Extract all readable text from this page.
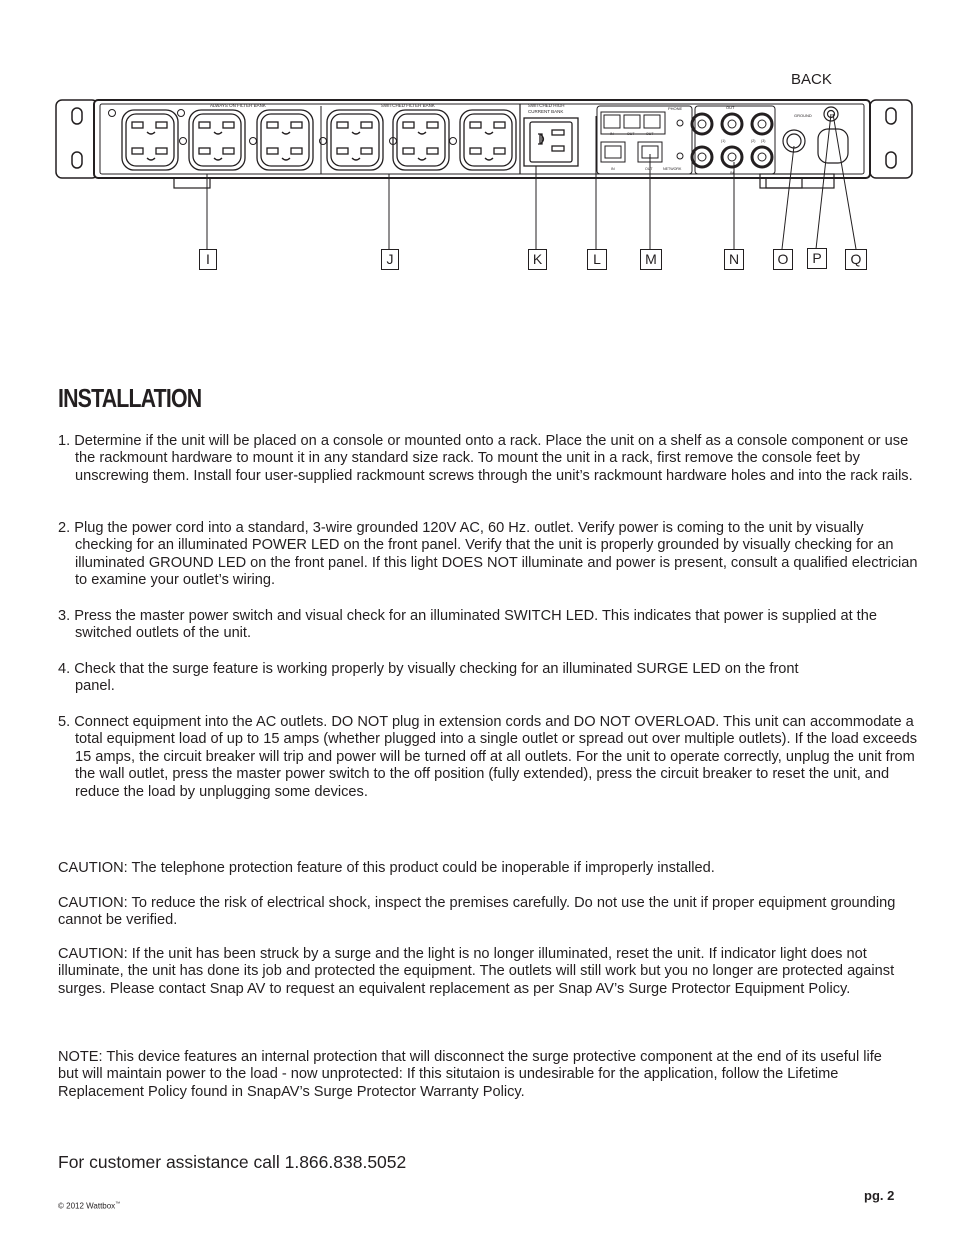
BACK
ALWAYS ON FILTER BANK	SWITCHED FILTER BANK	SWITCHED HIGH
CURRENT BANK
PHONE
IN	OUT	OUT
IN	OUT	NETWORK
OUT
(1)	(2) (3)
IN
GROUND
I	J	K	L	M	N	O	P	Q
INSTALLATION
1. Determine if the unit will be placed on a console or mounted onto a rack. Place the unit on a shelf as a console component or use the rackmount hardware to mount it in any standard size rack. To mount the unit in a rack, first remove the console feet by unscrewing them. Install four user-supplied rackmount screws through the unit’s rackmount hardware holes and into the rack rails.
2. Plug the power cord into a standard, 3-wire grounded 120V AC, 60 Hz. outlet. Verify power is coming to the unit by visually checking for an illuminated POWER LED on the front panel. Verify that the unit is properly grounded by visually checking for an illuminated GROUND LED on the front panel. If this light DOES NOT illuminate and power is present, consult a qualified electrician to examine your outlet’s wiring.
3. Press the master power switch and visual check for an illuminated SWITCH LED. This indicates that power is supplied at the switched outlets of the unit.
4. Check that the surge feature is working properly by visually checking for an illuminated SURGE LED on the front panel.
5. Connect equipment into the AC outlets. DO NOT plug in extension cords and DO NOT OVERLOAD. This unit can accommodate a total equipment load of up to 15 amps (whether plugged into a single outlet or spread out over multiple outlets). If the load exceeds 15 amps, the circuit breaker will trip and power will be turned off at all outlets. For the unit to operate correctly, unplug the unit from the wall outlet, press the master power switch to the off position (fully extended), press the circuit breaker to reset the unit, and reduce the load by unplugging some devices.
CAUTION: The telephone protection feature of this product could be inoperable if improperly installed.
CAUTION: To reduce the risk of electrical shock, inspect the premises carefully. Do not use the unit if proper equipment grounding cannot be verified.
CAUTION: If the unit has been struck by a surge and the light is no longer illuminated, reset the unit. If indicator light does not illuminate, the unit has done its job and protected the equipment. The outlets will still work but you no longer are protected against surges. Please contact Snap AV to request an equivalent replacement as per Snap AV’s Surge Protector Equipment Policy.
NOTE: This device features an internal protection that will disconnect the surge protective component at the end of its useful life but will maintain power to the load - now unprotected: If this situtaion is undesirable for the application, follow the Lifetime Replacement Policy found in SnapAV’s Surge Protector Warranty Policy.
For customer assistance call 1.866.838.5052
© 2012 Wattbox™
pg. 2
